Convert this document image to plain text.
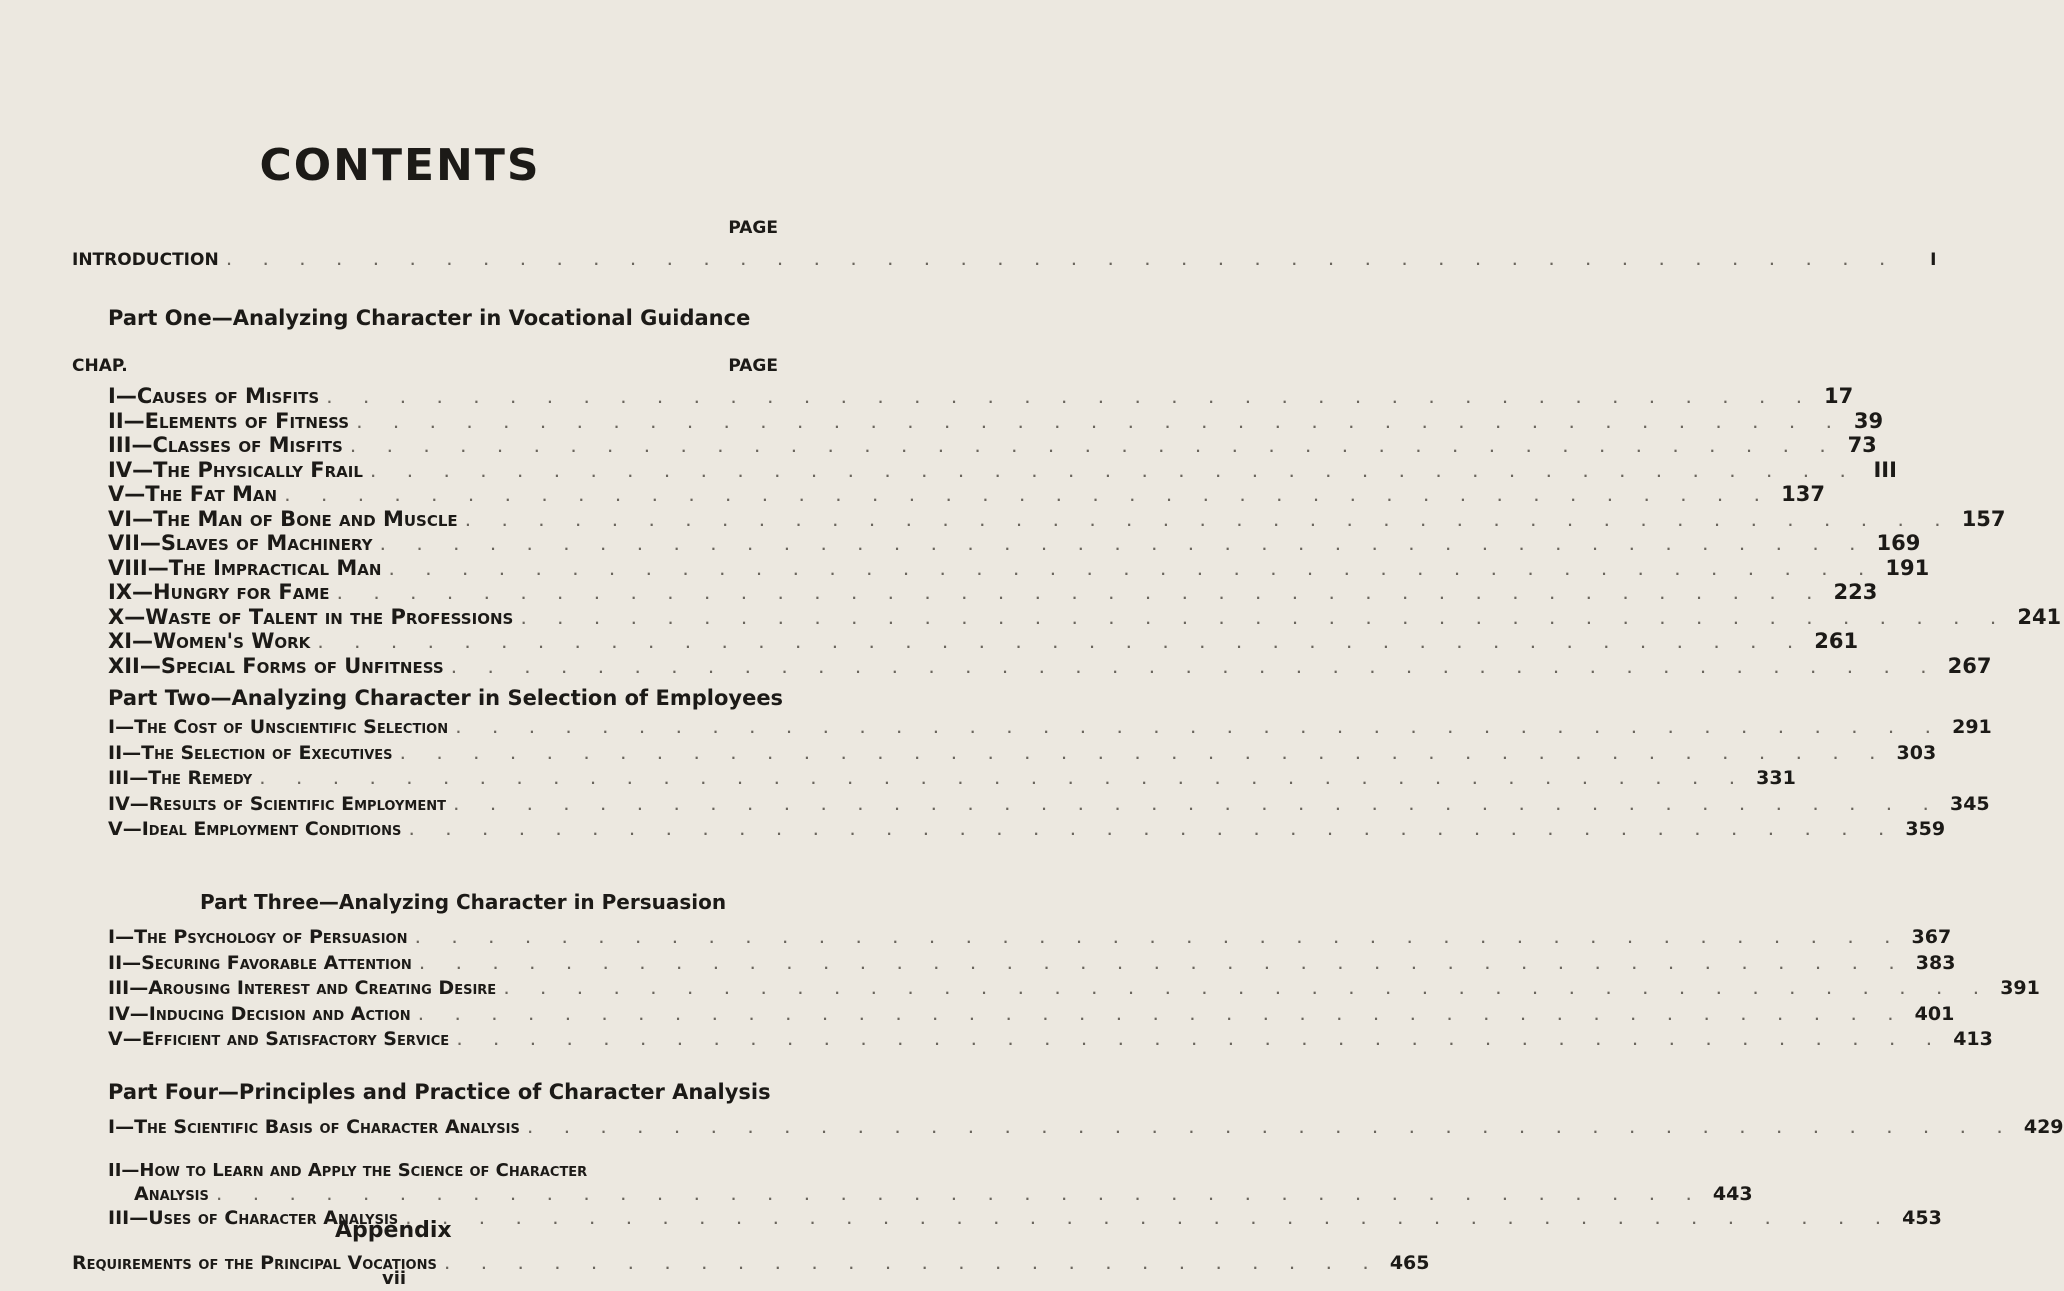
CONTENTS
PAGE
INTRODUCTION . . . . . . . . . . . . . . . . . . . . . . . . . . . . . . . . . . . . . . . . . . . . . .	I
Part One—Analyzing Character in Vocational Guidance
CHAP.	PAGE
I—Causes of Misfits . . . . . . . . . . . . . . . . . . . . . . . . . . . . . . . . . . . . . . . . . 17
II—Elements of Fitness . . . . . . . . . . . . . . . . . . . . . . . . . . . . . . . . . . . . . . . . . 39
III—Classes of Misfits . . . . . . . . . . . . . . . . . . . . . . . . . . . . . . . . . . . . . . . . . 73
IV—The Physically Frail . . . . . . . . . . . . . . . . . . . . . . . . . . . . . . . . . . . . . . . . . III
V—The Fat Man . . . . . . . . . . . . . . . . . . . . . . . . . . . . . . . . . . . . . . . . . 137
VI—The Man of Bone and Muscle . . . . . . . . . . . . . . . . . . . . . . . . . . . . . . . . . . . . . . . . . 157
VII—Slaves of Machinery . . . . . . . . . . . . . . . . . . . . . . . . . . . . . . . . . . . . . . . . . 169
VIII—The Impractical Man . . . . . . . . . . . . . . . . . . . . . . . . . . . . . . . . . . . . . . . . . 191
IX—Hungry for Fame . . . . . . . . . . . . . . . . . . . . . . . . . . . . . . . . . . . . . . . . . 223
X—Waste of Talent in the Professions . . . . . . . . . . . . . . . . . . . . . . . . . . . . . . . . . . . . . . . . . 241
XI—Women's Work . . . . . . . . . . . . . . . . . . . . . . . . . . . . . . . . . . . . . . . . . 261
XII—Special Forms of Unfitness . . . . . . . . . . . . . . . . . . . . . . . . . . . . . . . . . . . . . . . . . 267
Part Two—Analyzing Character in Selection of Employees
I—The Cost of Unscientific Selection . . . . . . . . . . . . . . . . . . . . . . . . . . . . . . . . . . . . . . . . . 291
II—The Selection of Executives . . . . . . . . . . . . . . . . . . . . . . . . . . . . . . . . . . . . . . . . . 303
III—The Remedy . . . . . . . . . . . . . . . . . . . . . . . . . . . . . . . . . . . . . . . . . 331
IV—Results of Scientific Employment . . . . . . . . . . . . . . . . . . . . . . . . . . . . . . . . . . . . . . . . . 345
V—Ideal Employment Conditions . . . . . . . . . . . . . . . . . . . . . . . . . . . . . . . . . . . . . . . . . 359
Part Three—Analyzing Character in Persuasion
I—The Psychology of Persuasion . . . . . . . . . . . . . . . . . . . . . . . . . . . . . . . . . . . . . . . . . 367
II—Securing Favorable Attention . . . . . . . . . . . . . . . . . . . . . . . . . . . . . . . . . . . . . . . . . 383
III—Arousing Interest and Creating Desire . . . . . . . . . . . . . . . . . . . . . . . . . . . . . . . . . . . . . . . . . 391
IV—Inducing Decision and Action . . . . . . . . . . . . . . . . . . . . . . . . . . . . . . . . . . . . . . . . . 401
V—Efficient and Satisfactory Service . . . . . . . . . . . . . . . . . . . . . . . . . . . . . . . . . . . . . . . . . 413
Part Four—Principles and Practice of Character Analysis
II—How to Learn and Apply the Science of Character
I—The Scientific Basis of Character Analysis . . . . . . . . . . . . . . . . . . . . . . . . . . . . . . . . . . . . . . . . . 429
Analysis . . . . . . . . . . . . . . . . . . . . . . . . . . . . . . . . . . . . . . . . . 443
III—Uses of Character Analysis . . . . . . . . . . . . . . . . . . . . . . . . . . . . . . . . . . . . . . . . . 453
Appendix
Requirements of the Principal Vocations . . . . . . . . . . . . . . . . . . . . . . . . . . 465
vii
